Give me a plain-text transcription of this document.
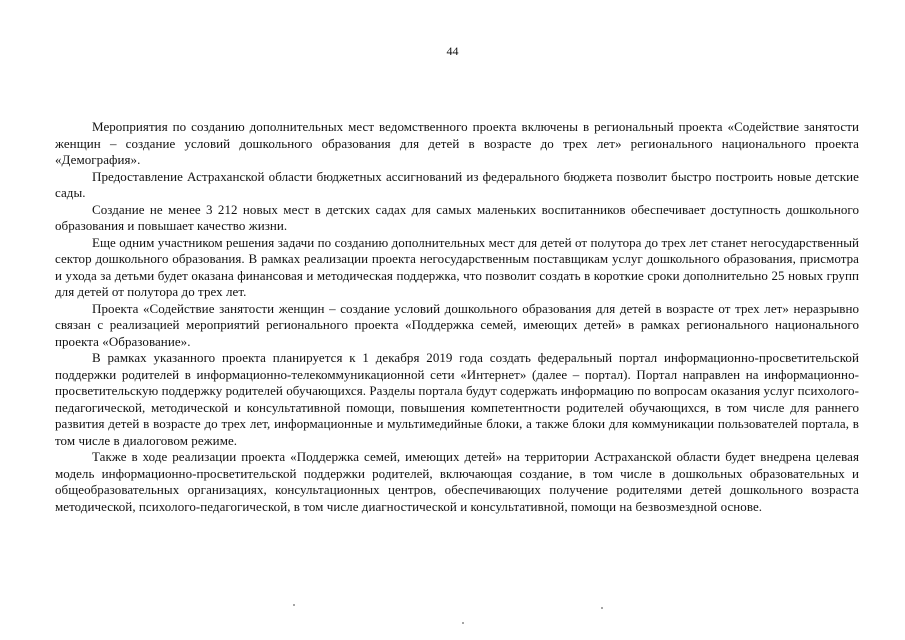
44

Мероприятия по созданию дополнительных мест ведомственного проекта включены в региональный проекта «Содействие занятости женщин – создание условий дошкольного образования для детей в возрасте до трех лет» регионального национального проекта «Демография».

Предоставление Астраханской области бюджетных ассигнований из федерального бюджета позволит быстро построить новые детские сады.

Создание не менее 3 212 новых мест в детских садах для самых маленьких воспитанников обеспечивает доступность дошкольного образования и повышает качество жизни.

Еще одним участником решения задачи по созданию дополнительных мест для детей от полутора до трех лет станет негосударственный сектор дошкольного образования. В рамках реализации проекта негосударственным поставщикам услуг дошкольного образования, присмотра и ухода за детьми будет оказана финансовая и методическая поддержка, что позволит создать в короткие сроки дополнительно 25 новых групп для детей от полутора до трех лет.

Проекта «Содействие занятости женщин – создание условий дошкольного образования для детей в возрасте от трех лет» неразрывно связан с реализацией мероприятий регионального проекта «Поддержка семей, имеющих детей» в рамках регионального национального проекта «Образование».

В рамках указанного проекта планируется к 1 декабря 2019 года создать федеральный портал информационно-просветительской поддержки родителей в информационно-телекоммуникационной сети «Интернет» (далее – портал). Портал направлен на информационно-просветительскую поддержку родителей обучающихся. Разделы портала будут содержать информацию по вопросам оказания услуг психолого-педагогической, методической и консультативной помощи, повышения компетентности родителей обучающихся, в том числе для раннего развития детей в возрасте до трех лет, информационные и мультимедийные блоки, а также блоки для коммуникации пользователей портала, в том числе в диалоговом режиме.

Также в ходе реализации проекта «Поддержка семей, имеющих детей» на территории Астраханской области будет внедрена целевая модель информационно-просветительской поддержки родителей, включающая создание, в том числе в дошкольных образовательных и общеобразовательных организациях, консультационных центров, обеспечивающих получение родителями детей дошкольного возраста методической, психолого-педагогической, в том числе диагностической и консультативной, помощи на безвозмездной основе.
